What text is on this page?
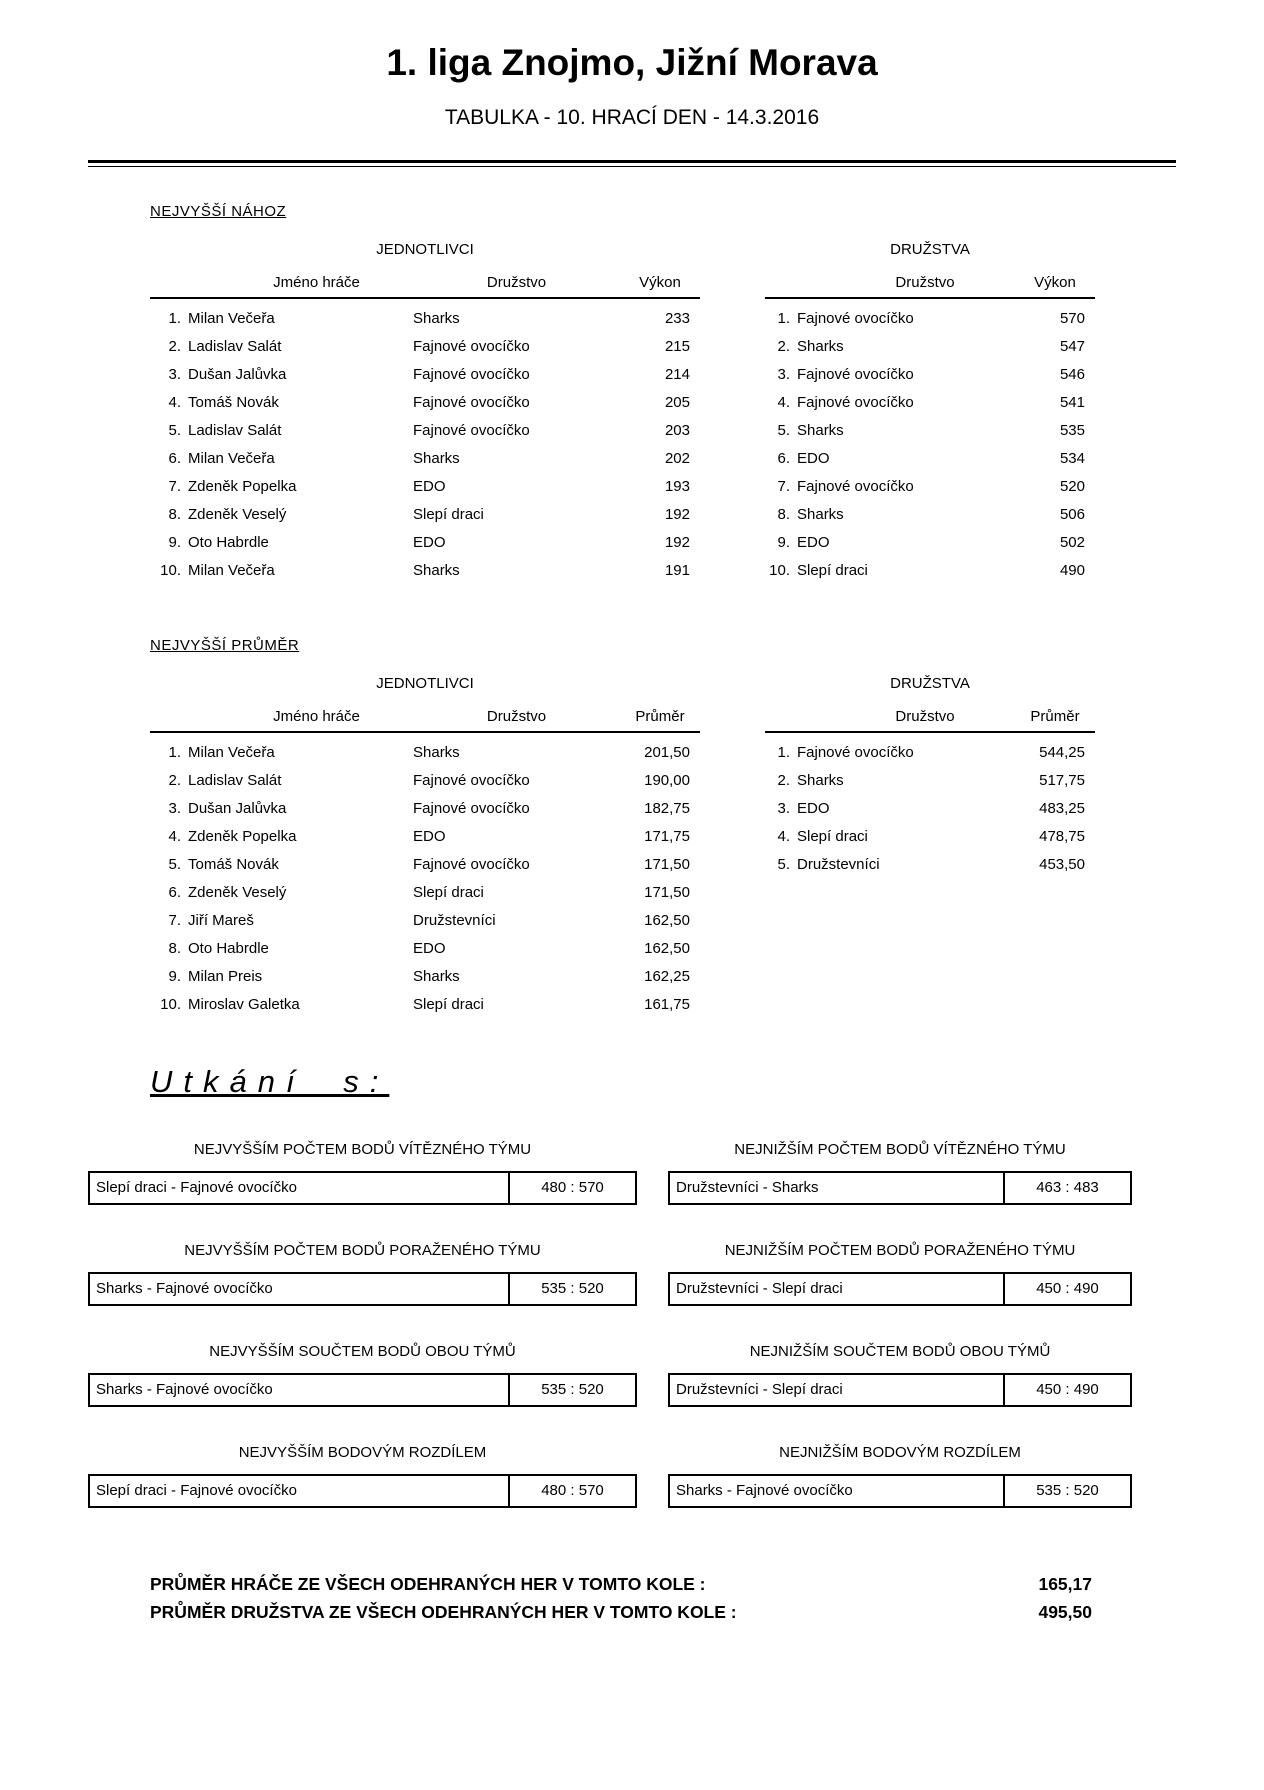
1. liga Znojmo, Jižní Morava
TABULKA - 10. HRACÍ DEN - 14.3.2016
NEJVYŠŠÍ NÁHOZ
JEDNOTLIVCI
Jméno hráče		Družstvo	Výkon
1.	Milan Večeřa	Sharks	233
2.	Ladislav Salát	Fajnové ovocíčko	215
3.	Dušan Jalůvka	Fajnové ovocíčko	214
4.	Tomáš Novák	Fajnové ovocíčko	205
5.	Ladislav Salát	Fajnové ovocíčko	203
6.	Milan Večeřa	Sharks	202
7.	Zdeněk Popelka	EDO	193
8.	Zdeněk Veselý	Slepí draci	192
9.	Oto Habrdle	EDO	192
10.	Milan Večeřa	Sharks	191
DRUŽSTVA
Družstvo		Výkon
1.	Fajnové ovocíčko	570
2.	Sharks	547
3.	Fajnové ovocíčko	546
4.	Fajnové ovocíčko	541
5.	Sharks	535
6.	EDO	534
7.	Fajnové ovocíčko	520
8.	Sharks	506
9.	EDO	502
10.	Slepí draci	490
NEJVYŠŠÍ PRŮMĚR
JEDNOTLIVCI
Jméno hráče		Družstvo	Průměr
1.	Milan Večeřa	Sharks	201,50
2.	Ladislav Salát	Fajnové ovocíčko	190,00
3.	Dušan Jalůvka	Fajnové ovocíčko	182,75
4.	Zdeněk Popelka	EDO	171,75
5.	Tomáš Novák	Fajnové ovocíčko	171,50
6.	Zdeněk Veselý	Slepí draci	171,50
7.	Jiří Mareš	Družstevníci	162,50
8.	Oto Habrdle	EDO	162,50
9.	Milan Preis	Sharks	162,25
10.	Miroslav Galetka	Slepí draci	161,75
DRUŽSTVA
Družstvo		Průměr
1.	Fajnové ovocíčko	544,25
2.	Sharks	517,75
3.	EDO	483,25
4.	Slepí draci	478,75
5.	Družstevníci	453,50
Utkání s:
NEJVYŠŠÍM POČTEM BODŮ VÍTĚZNÉHO TÝMU
Slepí draci - Fajnové ovocíčko	480 : 570
NEJNIŽŠÍM POČTEM BODŮ VÍTĚZNÉHO TÝMU
Družstevníci - Sharks	463 : 483
NEJVYŠŠÍM POČTEM BODŮ PORAŽENÉHO TÝMU
Sharks - Fajnové ovocíčko	535 : 520
NEJNIŽŠÍM POČTEM BODŮ PORAŽENÉHO TÝMU
Družstevníci - Slepí draci	450 : 490
NEJVYŠŠÍM SOUČTEM BODŮ OBOU TÝMŮ
Sharks - Fajnové ovocíčko	535 : 520
NEJNIŽŠÍM SOUČTEM BODŮ OBOU TÝMŮ
Družstevníci - Slepí draci	450 : 490
NEJVYŠŠÍM BODOVÝM ROZDÍLEM
Slepí draci - Fajnové ovocíčko	480 : 570
NEJNIŽŠÍM BODOVÝM ROZDÍLEM
Sharks - Fajnové ovocíčko	535 : 520
PRŮMĚR HRÁČE ZE VŠECH ODEHRANÝCH HER V TOMTO KOLE :	165,17
PRŮMĚR DRUŽSTVA ZE VŠECH ODEHRANÝCH HER V TOMTO KOLE :	495,50
